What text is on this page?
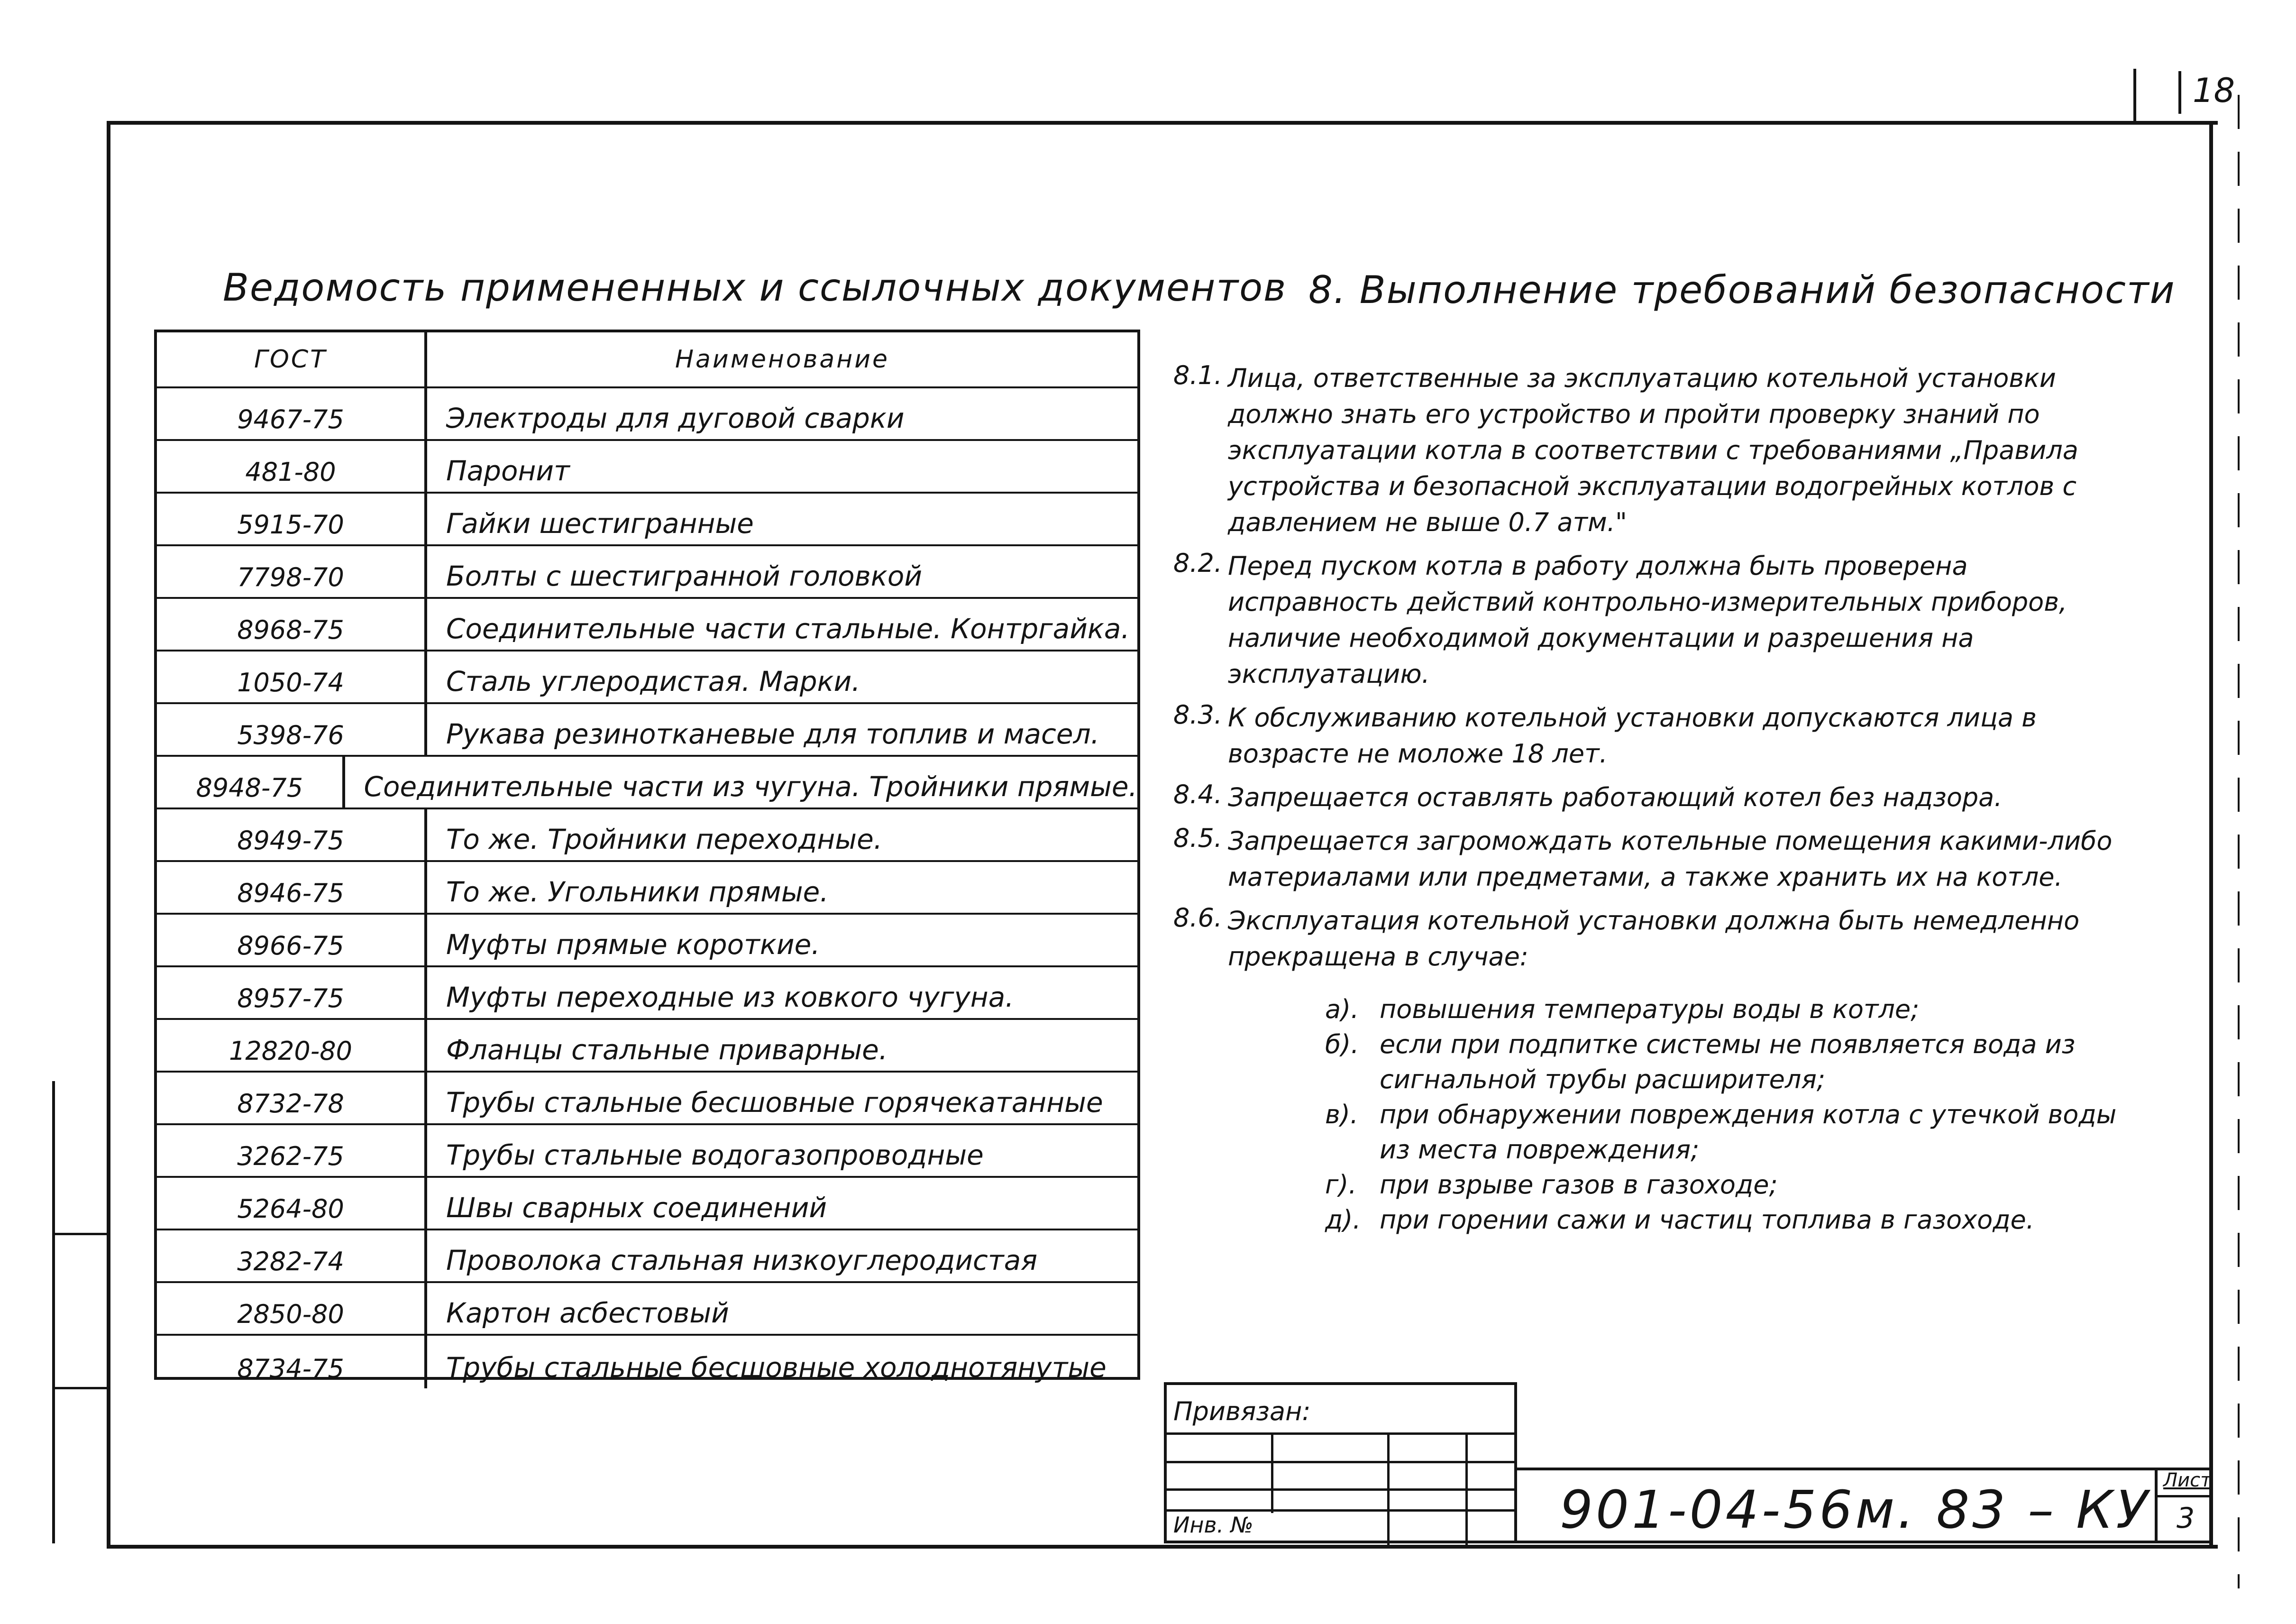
18
Ведомость примененных и ссылочных документов 8. Выполнение требований безопасности
ГОСТ	Наименование
9467-75	Электроды для дуговой сварки
481-80	Паронит
5915-70	Гайки шестигранные
7798-70	Болты с шестигранной головкой
8968-75	Соединительные части стальные. Контргайка.
1050-74	Сталь углеродистая. Марки.
5398-76	Рукава резинотканевые для топлив и масел.
8948-75	Соединительные части из чугуна. Тройники прямые.
8949-75	То же. Тройники переходные.
8946-75	То же. Угольники прямые.
8966-75	Муфты прямые короткие.
8957-75	Муфты переходные из ковкого чугуна.
12820-80	Фланцы стальные приварные.
8732-78	Трубы стальные бесшовные горячекатанные
3262-75	Трубы стальные водогазопроводные
5264-80	Швы сварных соединений
3282-74	Проволока стальная низкоуглеродистая
2850-80	Картон асбестовый
8734-75	Трубы стальные бесшовные холоднотянутые
8.1. Лица, ответственные за эксплуатацию котельной установки должно знать его устройство и пройти проверку знаний по эксплуатации котла в соответствии с требованиями „Правила устройства и безопасной эксплуатации водогрейных котлов с давлением не выше 0.7 атм."
8.2. Перед пуском котла в работу должна быть проверена исправность действий контрольно-измерительных приборов, наличие необходимой документации и разрешения на эксплуатацию.
8.3. К обслуживанию котельной установки допускаются лица в возрасте не моложе 18 лет.
8.4. Запрещается оставлять работающий котел без надзора.
8.5. Запрещается загромождать котельные помещения какими-либо материалами или предметами, а также хранить их на котле.
8.6. Эксплуатация котельной установки должна быть немедленно прекращена в случае:
а). повышения температуры воды в котле;
б). если при подпитке системы не появляется вода из сигнальной трубы расширителя;
в). при обнаружении повреждения котла с утечкой воды из места повреждения;
г). при взрыве газов в газоходе;
д). при горении сажи и частиц топлива в газоходе.
Привязан:
Инв. №	901-04-56м. 83 – КУ Лист
3
